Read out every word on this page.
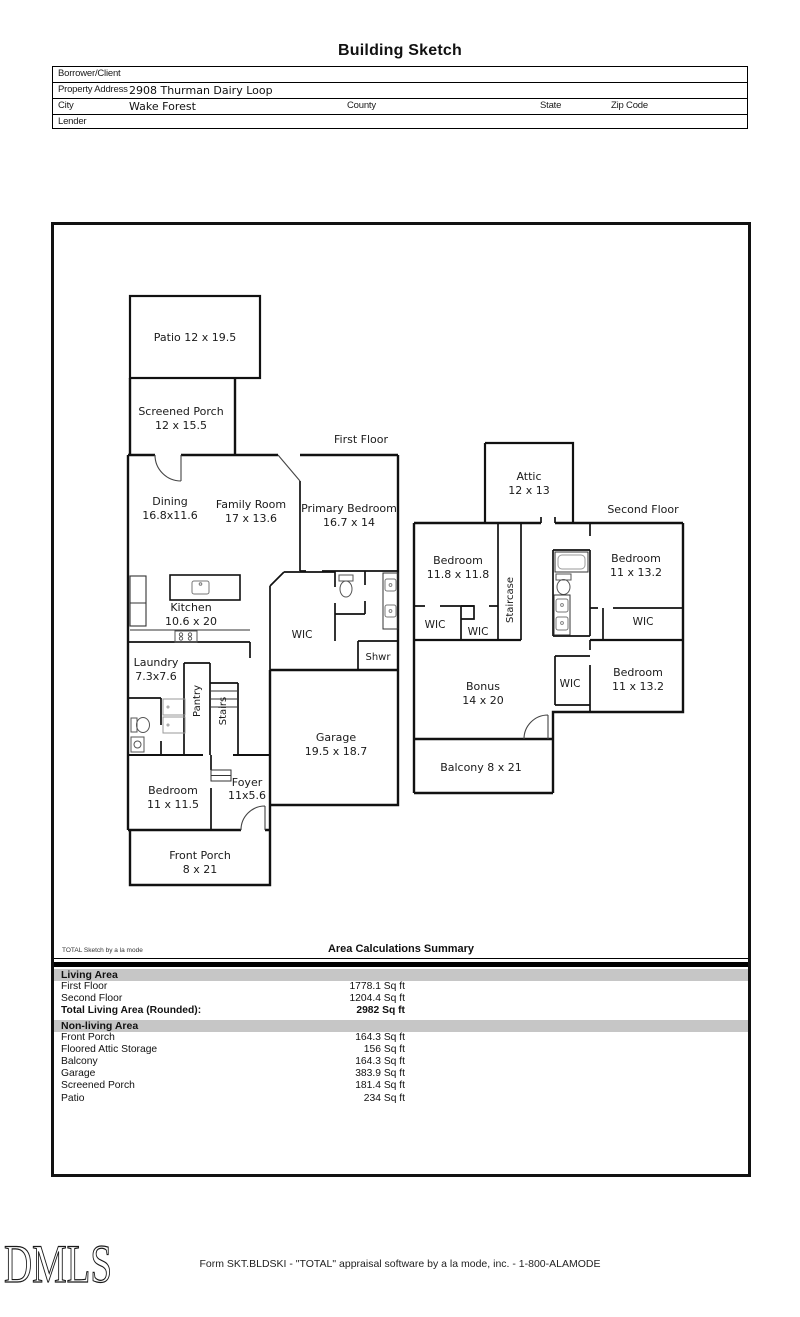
Building Sketch
Borrower/Client
Property Address 2908 Thurman Dairy Loop
City	Wake Forest	County	State	Zip Code
Lender
First Floor
Patio 12 x 19.5
Screened Porch
12 x 15.5
Dining
16.8x11.6
Family Room
17 x 13.6
Primary Bedroom
16.7 x 14
Kitchen
10.6 x 20
WIC
Shwr
Laundry
7.3x7.6
Pantry Stairs
Garage
19.5 x 18.7
Bedroom
11 x 11.5
Foyer
11x5.6
Front Porch
8 x 21
Second Floor
Attic
12 x 13
Bedroom
11.8 x 11.8
Staircase
Bedroom
11 x 13.2
WIC
WIC
WIC
Bonus
14 x 20
WIC
Bedroom
11 x 13.2
Balcony 8 x 21
TOTAL Sketch by a la mode	Area Calculations Summary
Living Area
First Floor	1778.1 Sq ft
Second Floor	1204.4 Sq ft
Total Living Area (Rounded):	2982 Sq ft
Non-living Area
Front Porch	164.3 Sq ft
Floored Attic Storage	156 Sq ft
Balcony	164.3 Sq ft
Garage	383.9 Sq ft
Screened Porch	181.4 Sq ft
Patio	234 Sq ft
DMLS	Form SKT.BLDSKI - "TOTAL" appraisal software by a la mode, inc. - 1-800-ALAMODE
